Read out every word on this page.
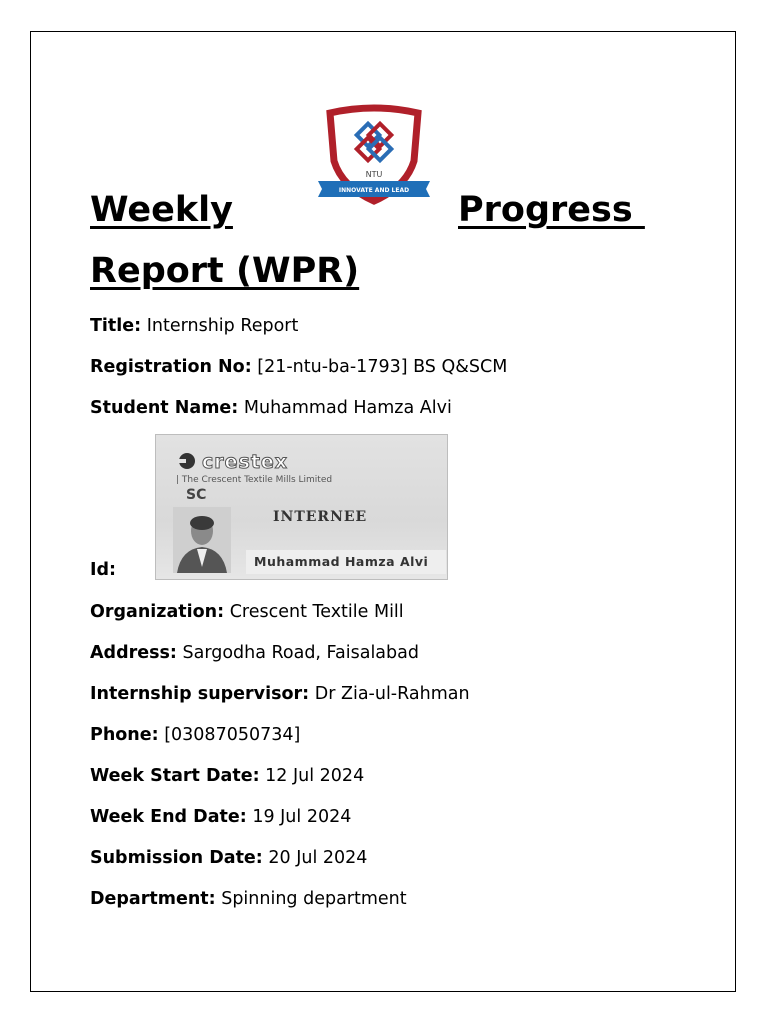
Weekly	Progress
Report (WPR)
NTU
INNOVATE AND LEAD
Title: Internship Report
Registration No: [21-ntu-ba-1793] BS Q&SCM
Student Name: Muhammad Hamza Alvi
Id:
crestex
| The Crescent Textile Mills Limited
SC
INTERNEE
Muhammad Hamza Alvi
Organization: Crescent Textile Mill
Address: Sargodha Road, Faisalabad
Internship supervisor: Dr Zia-ul-Rahman
Phone: [03087050734]
Week Start Date: 12 Jul 2024
Week End Date: 19 Jul 2024
Submission Date: 20 Jul 2024
Department: Spinning department
